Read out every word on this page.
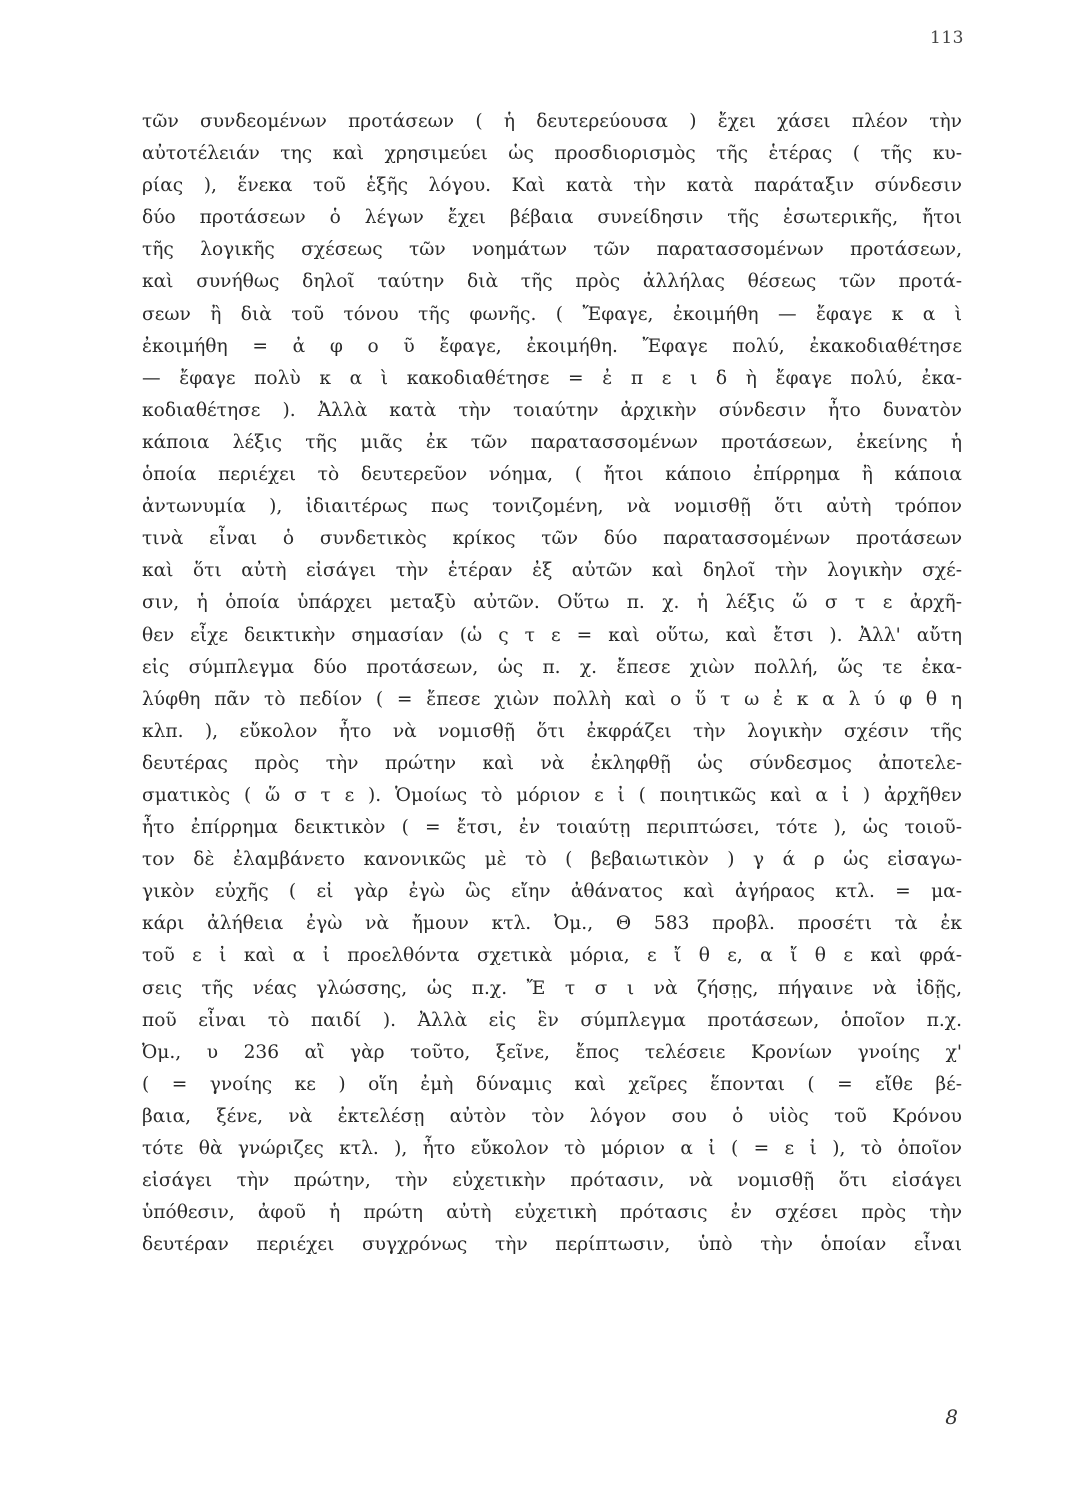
113
τῶν συνδεομένων προτάσεων ( ἡ δευτερεύουσα ) ἔχει χάσει πλέον τὴν
αὐτοτέλειάν της καὶ χρησιμεύει ὡς προσδιορισμὸς τῆς ἑτέρας ( τῆς κυ-
ρίας ), ἕνεκα τοῦ ἑξῆς λόγου. Καὶ κατὰ τὴν κατὰ παράταξιν σύνδεσιν
δύο προτάσεων ὁ λέγων ἔχει βέβαια συνείδησιν τῆς ἐσωτερικῆς, ἤτοι
τῆς λογικῆς σχέσεως τῶν νοημάτων τῶν παρατασσομένων προτάσεων,
καὶ συνήθως δηλοῖ ταύτην διὰ τῆς πρὸς ἀλλήλας θέσεως τῶν προτά-
σεων ἢ διὰ τοῦ τόνου τῆς φωνῆς. ( Ἔφαγε, ἐκοιμήθη — ἔφαγε κ α ὶ
ἐκοιμήθη = ἀ φ ο ῦ ἔφαγε, ἐκοιμήθη. Ἔφαγε πολύ, ἐκακοδιαθέτησε
— ἔφαγε πολὺ κ α ὶ κακοδιαθέτησε = ἐ π ε ι δ ὴ ἔφαγε πολύ, ἐκα-
κοδιαθέτησε ). Ἀλλὰ κατὰ τὴν τοιαύτην ἀρχικὴν σύνδεσιν ἦτο δυνατὸν
κάποια λέξις τῆς μιᾶς ἐκ τῶν παρατασσομένων προτάσεων, ἐκείνης ἡ
ὁποία περιέχει τὸ δευτερεῦον νόημα, ( ἤτοι κάποιο ἐπίρρημα ἢ κάποια
ἀντωνυμία ), ἰδιαιτέρως πως τονιζομένη, νὰ νομισθῇ ὅτι αὐτὴ τρόπον
τινὰ εἶναι ὁ συνδετικὸς κρίκος τῶν δύο παρατασσομένων προτάσεων
καὶ ὅτι αὐτὴ εἰσάγει τὴν ἑτέραν ἐξ αὐτῶν καὶ δηλοῖ τὴν λογικὴν σχέ-
σιν, ἡ ὁποία ὑπάρχει μεταξὺ αὐτῶν. Οὕτω π. χ. ἡ λέξις ὥ σ τ ε ἀρχῆ-
θεν εἶχε δεικτικὴν σημασίαν (ὡ ς τ ε = καὶ οὕτω, καὶ ἔτσι ). Ἀλλ' αὔτη
εἰς σύμπλεγμα δύο προτάσεων, ὡς π. χ. ἔπεσε χιὼν πολλή, ὥς τε ἐκα-
λύφθη πᾶν τὸ πεδίον ( = ἔπεσε χιὼν πολλὴ καὶ ο ὕ τ ω ἐ κ α λ ύ φ θ η
κλπ. ), εὔκολον ἦτο νὰ νομισθῇ ὅτι ἐκφράζει τὴν λογικὴν σχέσιν τῆς
δευτέρας πρὸς τὴν πρώτην καὶ νὰ ἐκληφθῇ ὡς σύνδεσμος ἀποτελε-
σματικὸς ( ὥ σ τ ε ). Ὁμοίως τὸ μόριον ε ἰ ( ποιητικῶς καὶ α ἰ ) ἀρχῆθεν
ἦτο ἐπίρρημα δεικτικὸν ( = ἔτσι, ἐν τοιαύτῃ περιπτώσει, τότε ), ὡς τοιοῦ-
τον δὲ ἐλαμβάνετο κανονικῶς μὲ τὸ ( βεβαιωτικὸν ) γ ά ρ ὡς εἰσαγω-
γικὸν εὐχῆς ( εἰ γὰρ ἐγὼ ὣς εἴην ἀθάνατος καὶ ἀγήραος κτλ. = μα-
κάρι ἀλήθεια ἐγὼ νὰ ἤμουν κτλ. Ὀμ., Θ 583 προβλ. προσέτι τὰ ἐκ
τοῦ ε ἰ καὶ α ἰ προελθόντα σχετικὰ μόρια, ε ἴ θ ε, α ἴ θ ε καὶ φρά-
σεις τῆς νέας γλώσσης, ὡς π.χ. Ἔ τ σ ι νὰ ζήσῃς, πήγαινε νὰ ἰδῇς,
ποῦ εἶναι τὸ παιδί ). Ἀλλὰ εἰς ἓν σύμπλεγμα προτάσεων, ὁποῖον π.χ.
Ὀμ., υ 236 αἲ γὰρ τοῦτο, ξεῖνε, ἔπος τελέσειε Κρονίων γνοίης χ'
( = γνοίης κε ) οἵη ἐμὴ δύναμις καὶ χεῖρες ἕπονται ( = εἴθε βέ-
βαια, ξένε, νὰ ἐκτελέσῃ αὐτὸν τὸν λόγον σου ὁ υἱὸς τοῦ Κρόνου
τότε θὰ γνώριζες κτλ. ), ἦτο εὔκολον τὸ μόριον α ἰ ( = ε ἰ ), τὸ ὁποῖον
εἰσάγει τὴν πρώτην, τὴν εὐχετικὴν πρότασιν, νὰ νομισθῇ ὅτι εἰσάγει
ὑπόθεσιν, ἀφοῦ ἡ πρώτη αὐτὴ εὐχετικὴ πρότασις ἐν σχέσει πρὸς τὴν
δευτέραν περιέχει συγχρόνως τὴν περίπτωσιν, ὑπὸ τὴν ὁποίαν εἶναι
8
